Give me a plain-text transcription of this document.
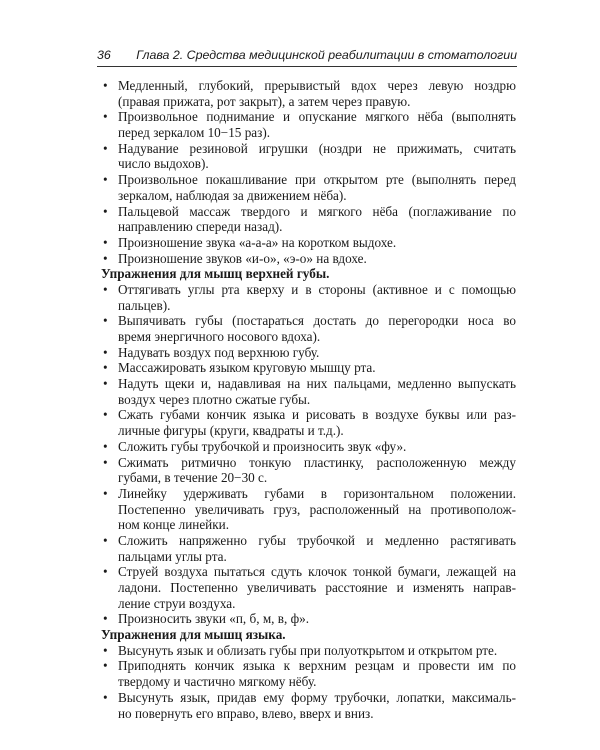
36 Глава 2. Средства медицинской реабилитации в стоматологии
• Медленный, глубокий, прерывистый вдох через левую ноздрю
(правая прижата, рот закрыт), а затем через правую.
• Произвольное поднимание и опускание мягкого нёба (выполнять
перед зеркалом 10−15 раз).
• Надувание резиновой игрушки (ноздри не прижимать, считать
число выдохов).
• Произвольное покашливание при открытом рте (выполнять перед
зеркалом, наблюдая за движением нёба).
• Пальцевой массаж твердого и мягкого нёба (поглаживание по
направлению спереди назад).
• Произношение звука «а-а-а» на коротком выдохе.
• Произношение звуков «и-о», «э-о» на вдохе.
Упражнения для мышц верхней губы.
• Оттягивать углы рта кверху и в стороны (активное и с помощью
пальцев).
• Выпячивать губы (постараться достать до перегородки носа во
время энергичного носового вдоха).
• Надувать воздух под верхнюю губу.
• Массажировать языком круговую мышцу рта.
• Надуть щеки и, надавливая на них пальцами, медленно выпускать
воздух через плотно сжатые губы.
• Сжать губами кончик языка и рисовать в воздухе буквы или раз-
личные фигуры (круги, квадраты и т.д.).
• Сложить губы трубочкой и произносить звук «фу».
• Сжимать ритмично тонкую пластинку, расположенную между
губами, в течение 20−30 с.
• Линейку удерживать губами в горизонтальном положении.
Постепенно увеличивать груз, расположенный на противополож-
ном конце линейки.
• Сложить напряженно губы трубочкой и медленно растягивать
пальцами углы рта.
• Струей воздуха пытаться сдуть клочок тонкой бумаги, лежащей на
ладони. Постепенно увеличивать расстояние и изменять направ-
ление струи воздуха.
• Произносить звуки «п, б, м, в, ф».
Упражнения для мышц языка.
• Высунуть язык и облизать губы при полуоткрытом и открытом рте.
• Приподнять кончик языка к верхним резцам и провести им по
твердому и частично мягкому нёбу.
• Высунуть язык, придав ему форму трубочки, лопатки, максималь-
но повернуть его вправо, влево, вверх и вниз.
